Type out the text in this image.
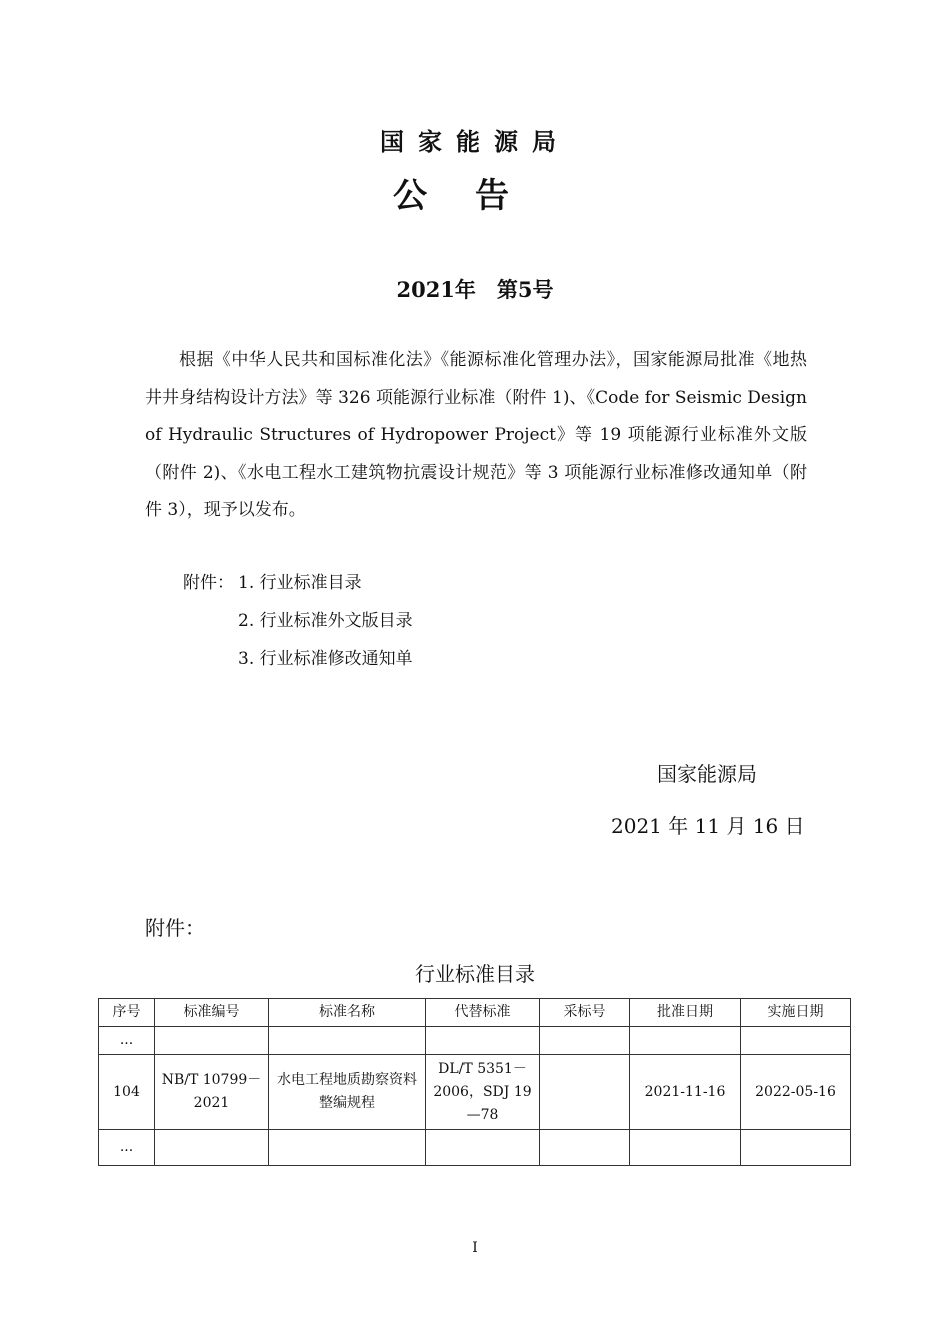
国家能源局
公告
2021年　第5号
根据《中华人民共和国标准化法》《能源标准化管理办法》，国家能源局批准《地热井井身结构设计方法》等 326 项能源行业标准（附件 1)、《Code for Seismic Design of Hydraulic Structures of Hydropower Project》等 19 项能源行业标准外文版（附件 2)、《水电工程水工建筑物抗震设计规范》等 3 项能源行业标准修改通知单（附件 3），现予以发布。
附件： 1. 行业标准目录
2. 行业标准外文版目录
3. 行业标准修改通知单
国家能源局
2021 年 11 月 16 日
附件：
行业标准目录
序号	标准编号	标准名称	代替标准	采标号	批准日期	实施日期
...						
104	NB/T 10799－2021	水电工程地质勘察资料整编规程	DL/T 5351－2006，SDJ 19—78		2021-11-16	2022-05-16
...						
I
